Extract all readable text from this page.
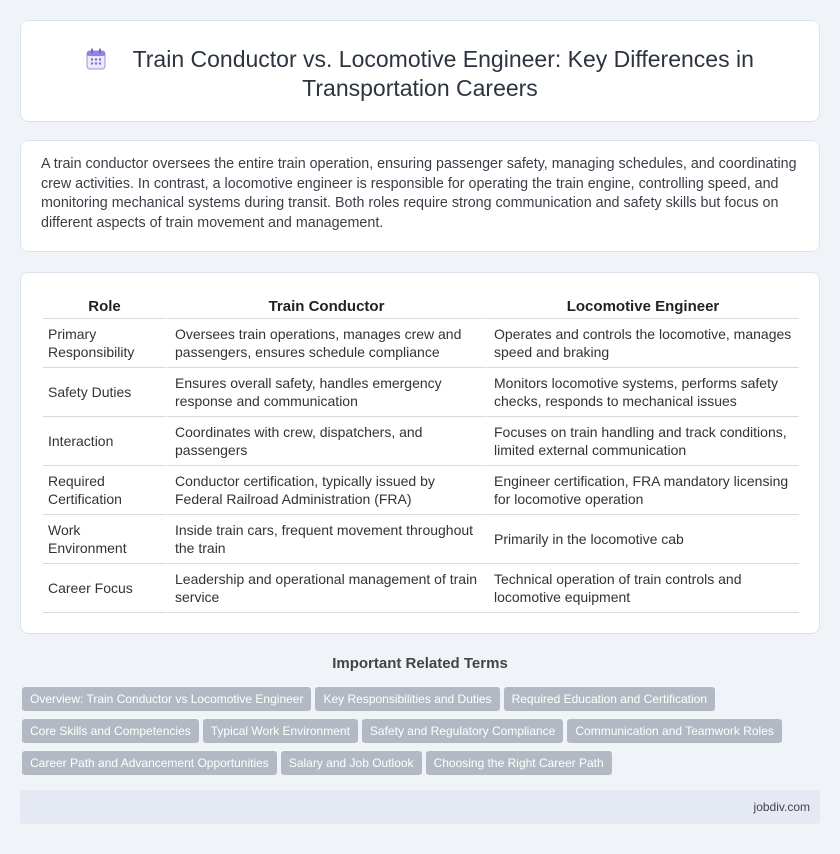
Train Conductor vs. Locomotive Engineer: Key Differences in Transportation Careers

A train conductor oversees the entire train operation, ensuring passenger safety, managing schedules, and coordinating crew activities. In contrast, a locomotive engineer is responsible for operating the train engine, controlling speed, and monitoring mechanical systems during transit. Both roles require strong communication and safety skills but focus on different aspects of train movement and management.

Role	Train Conductor	Locomotive Engineer
Primary Responsibility	Oversees train operations, manages crew and passengers, ensures schedule compliance	Operates and controls the locomotive, manages speed and braking
Safety Duties	Ensures overall safety, handles emergency response and communication	Monitors locomotive systems, performs safety checks, responds to mechanical issues
Interaction	Coordinates with crew, dispatchers, and passengers	Focuses on train handling and track conditions, limited external communication
Required Certification	Conductor certification, typically issued by Federal Railroad Administration (FRA)	Engineer certification, FRA mandatory licensing for locomotive operation
Work Environment	Inside train cars, frequent movement throughout the train	Primarily in the locomotive cab
Career Focus	Leadership and operational management of train service	Technical operation of train controls and locomotive equipment
Important Related Terms
Overview: Train Conductor vs Locomotive Engineer Key Responsibilities and Duties Required Education and Certification Core Skills and Competencies Typical Work Environment Safety and Regulatory Compliance Communication and Teamwork Roles Career Path and Advancement Opportunities Salary and Job Outlook Choosing the Right Career Path
jobdiv.com
